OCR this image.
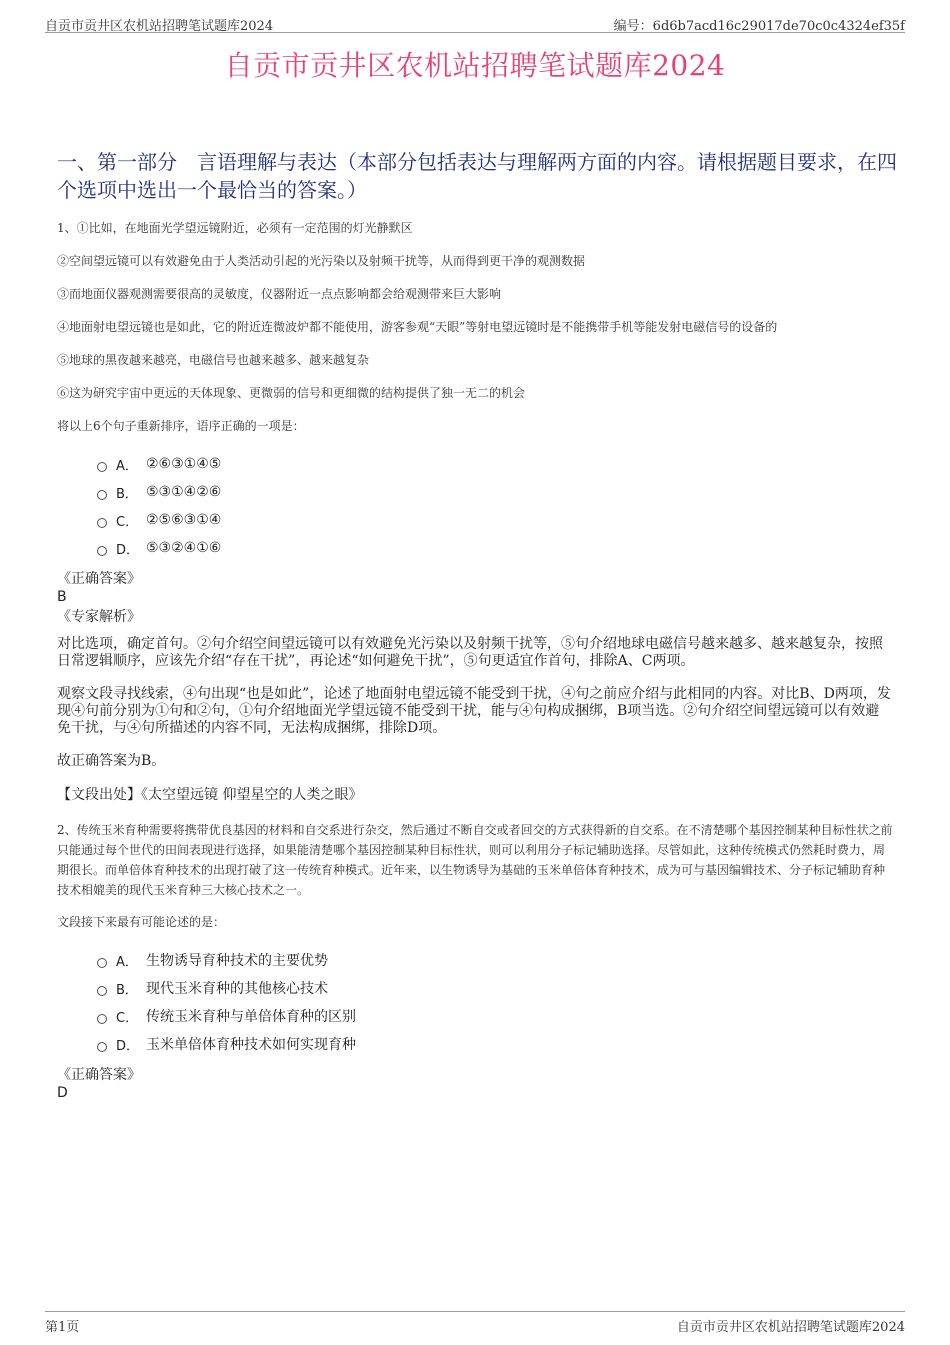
自贡市贡井区农机站招聘笔试题库2024	编号：6d6b7acd16c29017de70c0c4324ef35f
自贡市贡井区农机站招聘笔试题库2024
一、第一部分　言语理解与表达（本部分包括表达与理解两方面的内容。请根据题目要求，在四个选项中选出一个最恰当的答案。）

1、①比如，在地面光学望远镜附近，必须有一定范围的灯光静默区

②空间望远镜可以有效避免由于人类活动引起的光污染以及射频干扰等，从而得到更干净的观测数据

③而地面仪器观测需要很高的灵敏度，仪器附近一点点影响都会给观测带来巨大影响

④地面射电望远镜也是如此，它的附近连微波炉都不能使用，游客参观“天眼”等射电望远镜时是不能携带手机等能发射电磁信号的设备的

⑤地球的黑夜越来越亮，电磁信号也越来越多、越来越复杂

⑥这为研究宇宙中更远的天体现象、更微弱的信号和更细微的结构提供了独一无二的机会

将以上6个句子重新排序，语序正确的一项是：

A． ②⑥③①④⑤
B． ⑤③①④②⑥
C． ②⑤⑥③①④
D． ⑤③②④①⑥
《正确答案》
B
《专家解析》

对比选项，确定首句。②句介绍空间望远镜可以有效避免光污染以及射频干扰等，⑤句介绍地球电磁信号越来越多、越来越复杂，按照日常逻辑顺序，应该先介绍“存在干扰”，再论述“如何避免干扰”，⑤句更适宜作首句，排除A、C两项。

观察文段寻找线索，④句出现“也是如此”，论述了地面射电望远镜不能受到干扰，④句之前应介绍与此相同的内容。对比B、D两项，发现④句前分别为①句和②句，①句介绍地面光学望远镜不能受到干扰，能与④句构成捆绑，B项当选。②句介绍空间望远镜可以有效避免干扰，与④句所描述的内容不同，无法构成捆绑，排除D项。

故正确答案为B。

【文段出处】《太空望远镜 仰望星空的人类之眼》

2、传统玉米育种需要将携带优良基因的材料和自交系进行杂交，然后通过不断自交或者回交的方式获得新的自交系。在不清楚哪个基因控制某种目标性状之前只能通过每个世代的田间表现进行选择，如果能清楚哪个基因控制某种目标性状，则可以利用分子标记辅助选择。尽管如此，这种传统模式仍然耗时费力，周期很长。而单倍体育种技术的出现打破了这一传统育种模式。近年来，以生物诱导为基础的玉米单倍体育种技术，成为可与基因编辑技术、分子标记辅助育种技术相媲美的现代玉米育种三大核心技术之一。

文段接下来最有可能论述的是：

A． 生物诱导育种技术的主要优势
B． 现代玉米育种的其他核心技术
C． 传统玉米育种与单倍体育种的区别
D． 玉米单倍体育种技术如何实现育种
《正确答案》
D
第1页	自贡市贡井区农机站招聘笔试题库2024
